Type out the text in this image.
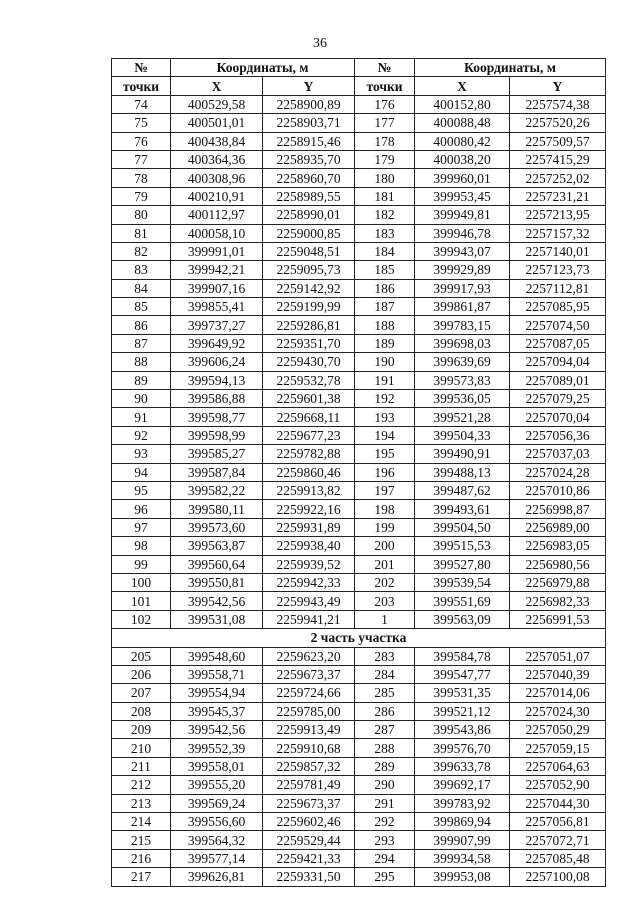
36
№	Координаты, м		№	Координаты, м	
точки	X	Y	точки	X	Y
74	400529,58	2258900,89	176	400152,80	2257574,38
75	400501,01	2258903,71	177	400088,48	2257520,26
76	400438,84	2258915,46	178	400080,42	2257509,57
77	400364,36	2258935,70	179	400038,20	2257415,29
78	400308,96	2258960,70	180	399960,01	2257252,02
79	400210,91	2258989,55	181	399953,45	2257231,21
80	400112,97	2258990,01	182	399949,81	2257213,95
81	400058,10	2259000,85	183	399946,78	2257157,32
82	399991,01	2259048,51	184	399943,07	2257140,01
83	399942,21	2259095,73	185	399929,89	2257123,73
84	399907,16	2259142,92	186	399917,93	2257112,81
85	399855,41	2259199,99	187	399861,87	2257085,95
86	399737,27	2259286,81	188	399783,15	2257074,50
87	399649,92	2259351,70	189	399698,03	2257087,05
88	399606,24	2259430,70	190	399639,69	2257094,04
89	399594,13	2259532,78	191	399573,83	2257089,01
90	399586,88	2259601,38	192	399536,05	2257079,25
91	399598,77	2259668,11	193	399521,28	2257070,04
92	399598,99	2259677,23	194	399504,33	2257056,36
93	399585,27	2259782,88	195	399490,91	2257037,03
94	399587,84	2259860,46	196	399488,13	2257024,28
95	399582,22	2259913,82	197	399487,62	2257010,86
96	399580,11	2259922,16	198	399493,61	2256998,87
97	399573,60	2259931,89	199	399504,50	2256989,00
98	399563,87	2259938,40	200	399515,53	2256983,05
99	399560,64	2259939,52	201	399527,80	2256980,56
100	399550,81	2259942,33	202	399539,54	2256979,88
101	399542,56	2259943,49	203	399551,69	2256982,33
102	399531,08	2259941,21	1	399563,09	2256991,53
2 часть участка					
205	399548,60	2259623,20	283	399584,78	2257051,07
206	399558,71	2259673,37	284	399547,77	2257040,39
207	399554,94	2259724,66	285	399531,35	2257014,06
208	399545,37	2259785,00	286	399521,12	2257024,30
209	399542,56	2259913,49	287	399543,86	2257050,29
210	399552,39	2259910,68	288	399576,70	2257059,15
211	399558,01	2259857,32	289	399633,78	2257064,63
212	399555,20	2259781,49	290	399692,17	2257052,90
213	399569,24	2259673,37	291	399783,92	2257044,30
214	399556,60	2259602,46	292	399869,94	2257056,81
215	399564,32	2259529,44	293	399907,99	2257072,71
216	399577,14	2259421,33	294	399934,58	2257085,48
217	399626,81	2259331,50	295	399953,08	2257100,08
